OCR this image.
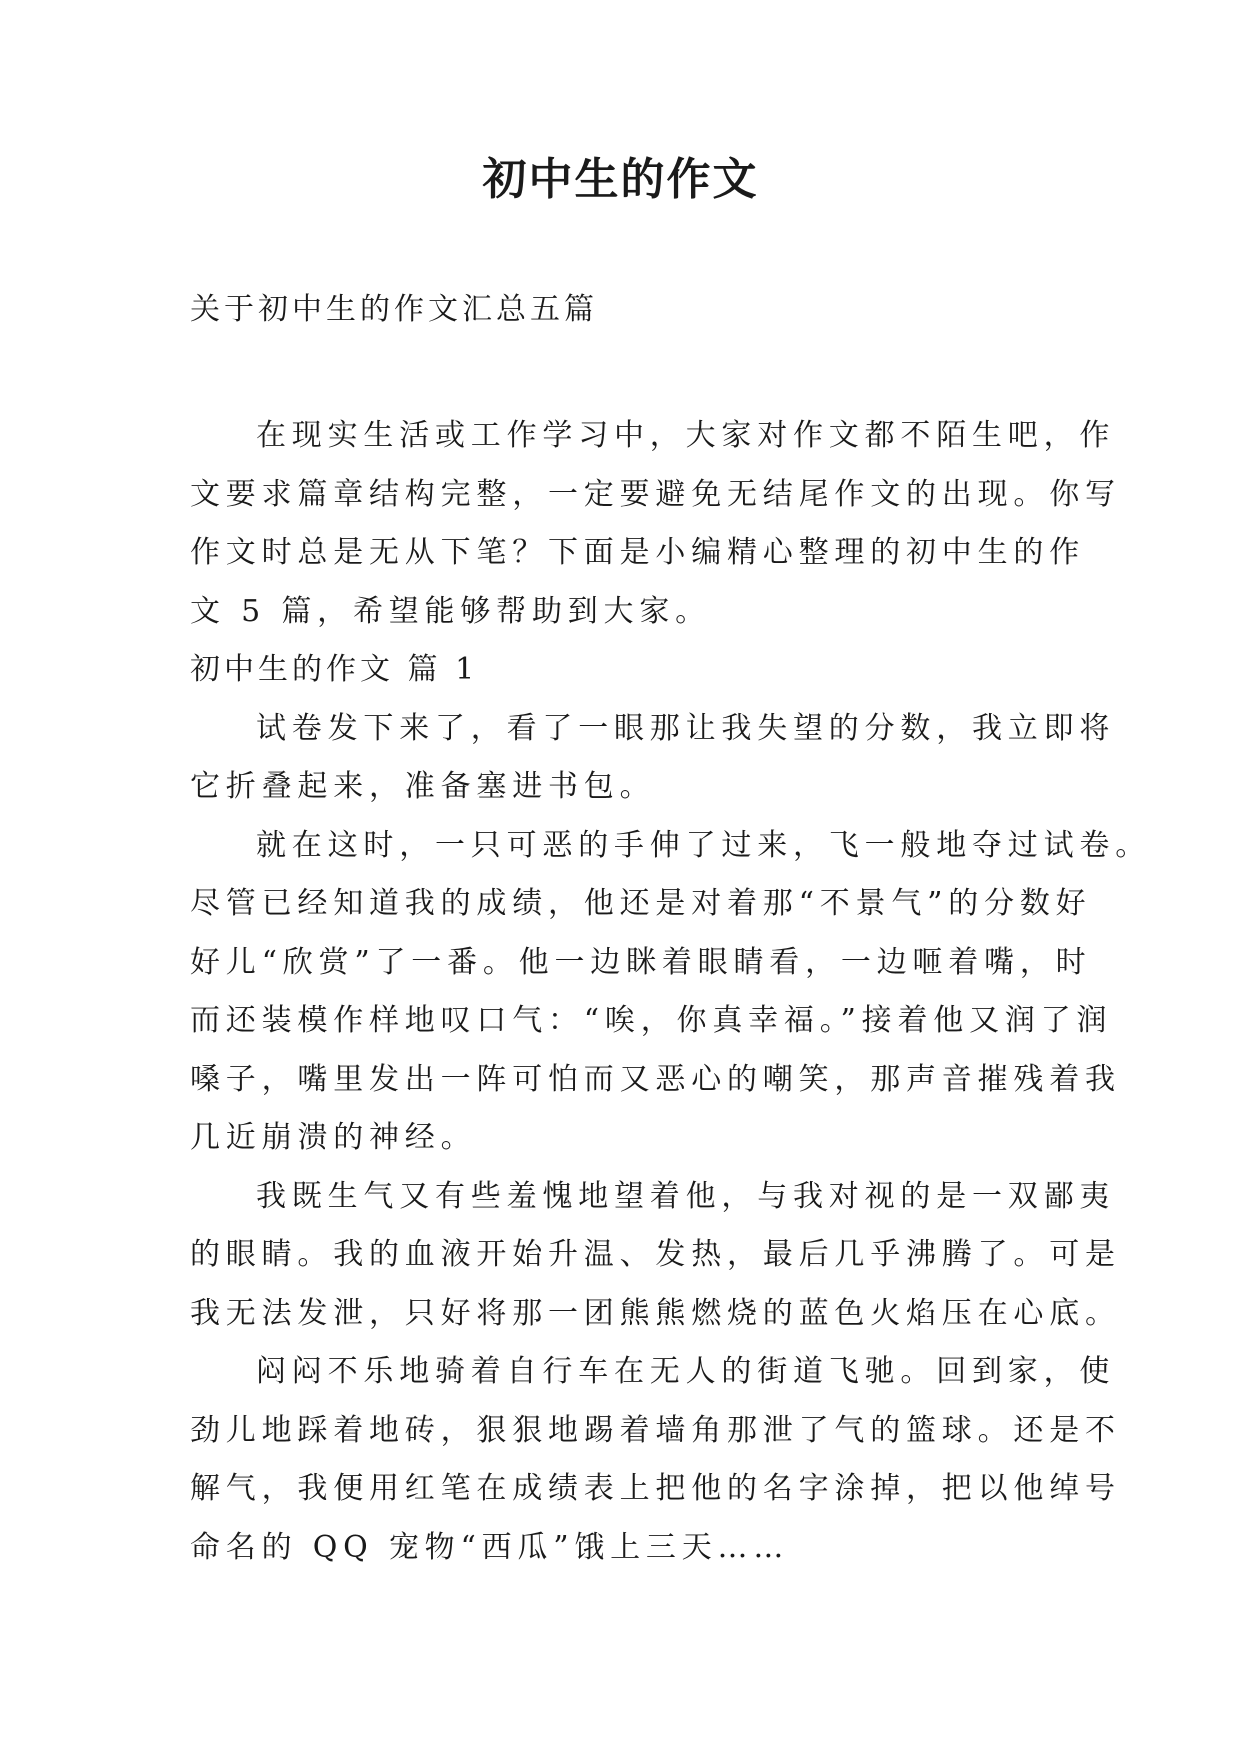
初中生的作文
关于初中生的作文汇总五篇
在现实生活或工作学习中，大家对作文都不陌生吧，作
文要求篇章结构完整，一定要避免无结尾作文的出现。你写
作文时总是无从下笔？下面是小编精心整理的初中生的作
文 5 篇，希望能够帮助到大家。
初中生的作文 篇 1
试卷发下来了，看了一眼那让我失望的分数，我立即将
它折叠起来，准备塞进书包。
就在这时，一只可恶的手伸了过来，飞一般地夺过试卷。
尽管已经知道我的成绩，他还是对着那“不景气”的分数好
好儿“欣赏”了一番。他一边眯着眼睛看，一边咂着嘴，时
而还装模作样地叹口气：“唉，你真幸福。”接着他又润了润
嗓子，嘴里发出一阵可怕而又恶心的嘲笑，那声音摧残着我
几近崩溃的神经。
我既生气又有些羞愧地望着他，与我对视的是一双鄙夷
的眼睛。我的血液开始升温、发热，最后几乎沸腾了。可是
我无法发泄，只好将那一团熊熊燃烧的蓝色火焰压在心底。
闷闷不乐地骑着自行车在无人的街道飞驰。回到家，使
劲儿地踩着地砖，狠狠地踢着墙角那泄了气的篮球。还是不
解气，我便用红笔在成绩表上把他的名字涂掉，把以他绰号
命名的 QQ 宠物“西瓜”饿上三天……
